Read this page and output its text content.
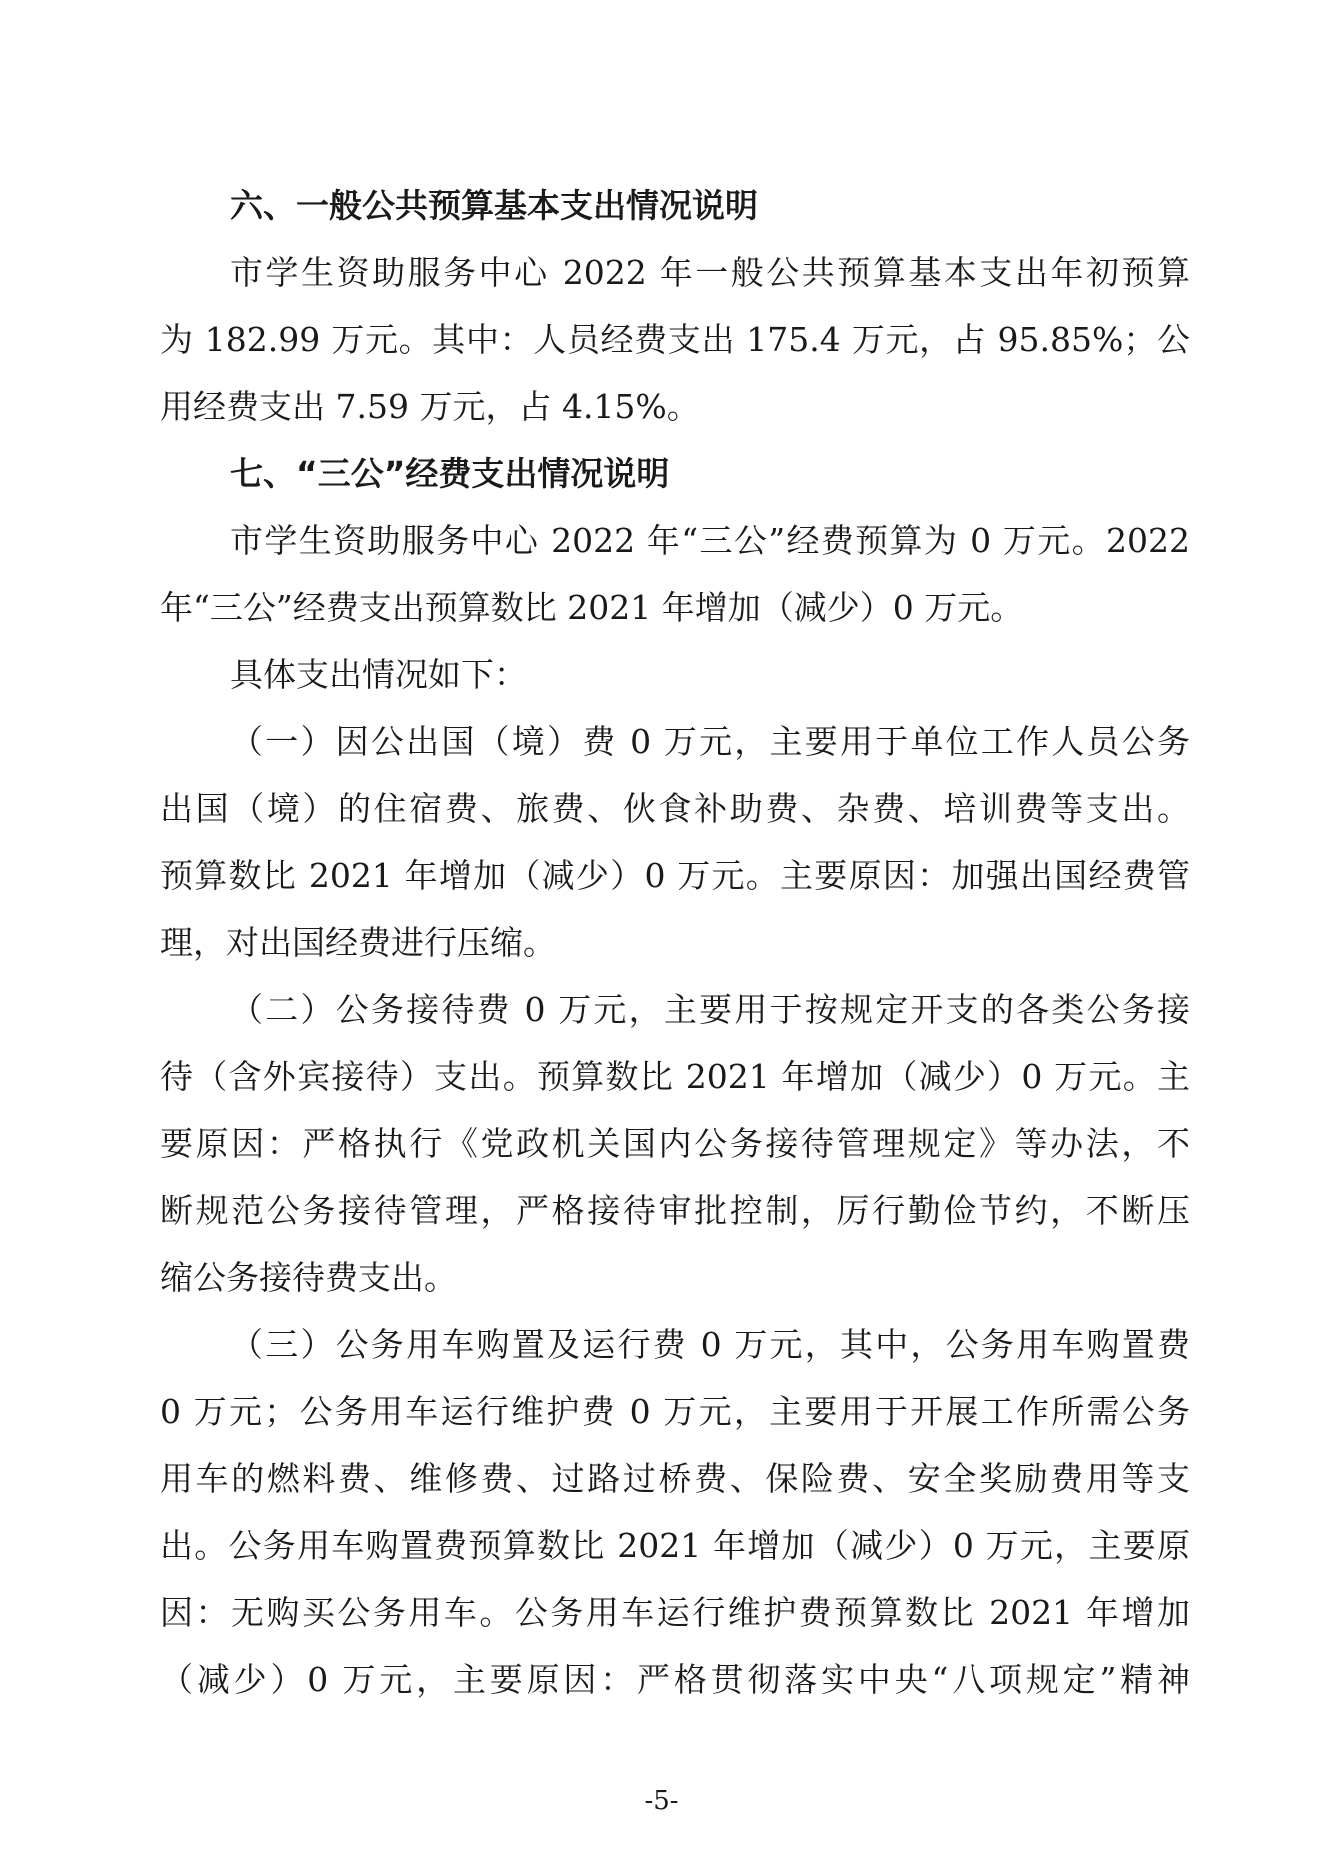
六、一般公共预算基本支出情况说明

市学生资助服务中心 2022 年一般公共预算基本支出年初预算

为 182.99 万元。其中：人员经费支出 175.4 万元，占 95.85%；公

用经费支出 7.59 万元，占 4.15%。

七、“三公”经费支出情况说明

市学生资助服务中心 2022 年“三公”经费预算为 0 万元。2022

年“三公”经费支出预算数比 2021 年增加（减少）0 万元。

具体支出情况如下：

（一）因公出国（境）费 0 万元，主要用于单位工作人员公务

出国（境）的住宿费、旅费、伙食补助费、杂费、培训费等支出。

预算数比 2021 年增加（减少）0 万元。主要原因：加强出国经费管

理，对出国经费进行压缩。

（二）公务接待费 0 万元，主要用于按规定开支的各类公务接

待（含外宾接待）支出。预算数比 2021 年增加（减少）0 万元。主

要原因：严格执行《党政机关国内公务接待管理规定》等办法，不

断规范公务接待管理，严格接待审批控制，厉行勤俭节约，不断压

缩公务接待费支出。

（三）公务用车购置及运行费 0 万元，其中，公务用车购置费

0 万元；公务用车运行维护费 0 万元，主要用于开展工作所需公务

用车的燃料费、维修费、过路过桥费、保险费、安全奖励费用等支

出。公务用车购置费预算数比 2021 年增加（减少）0 万元，主要原

因：无购买公务用车。公务用车运行维护费预算数比 2021 年增加

（减少）0 万元，主要原因：严格贯彻落实中央“八项规定”精神

-5-
